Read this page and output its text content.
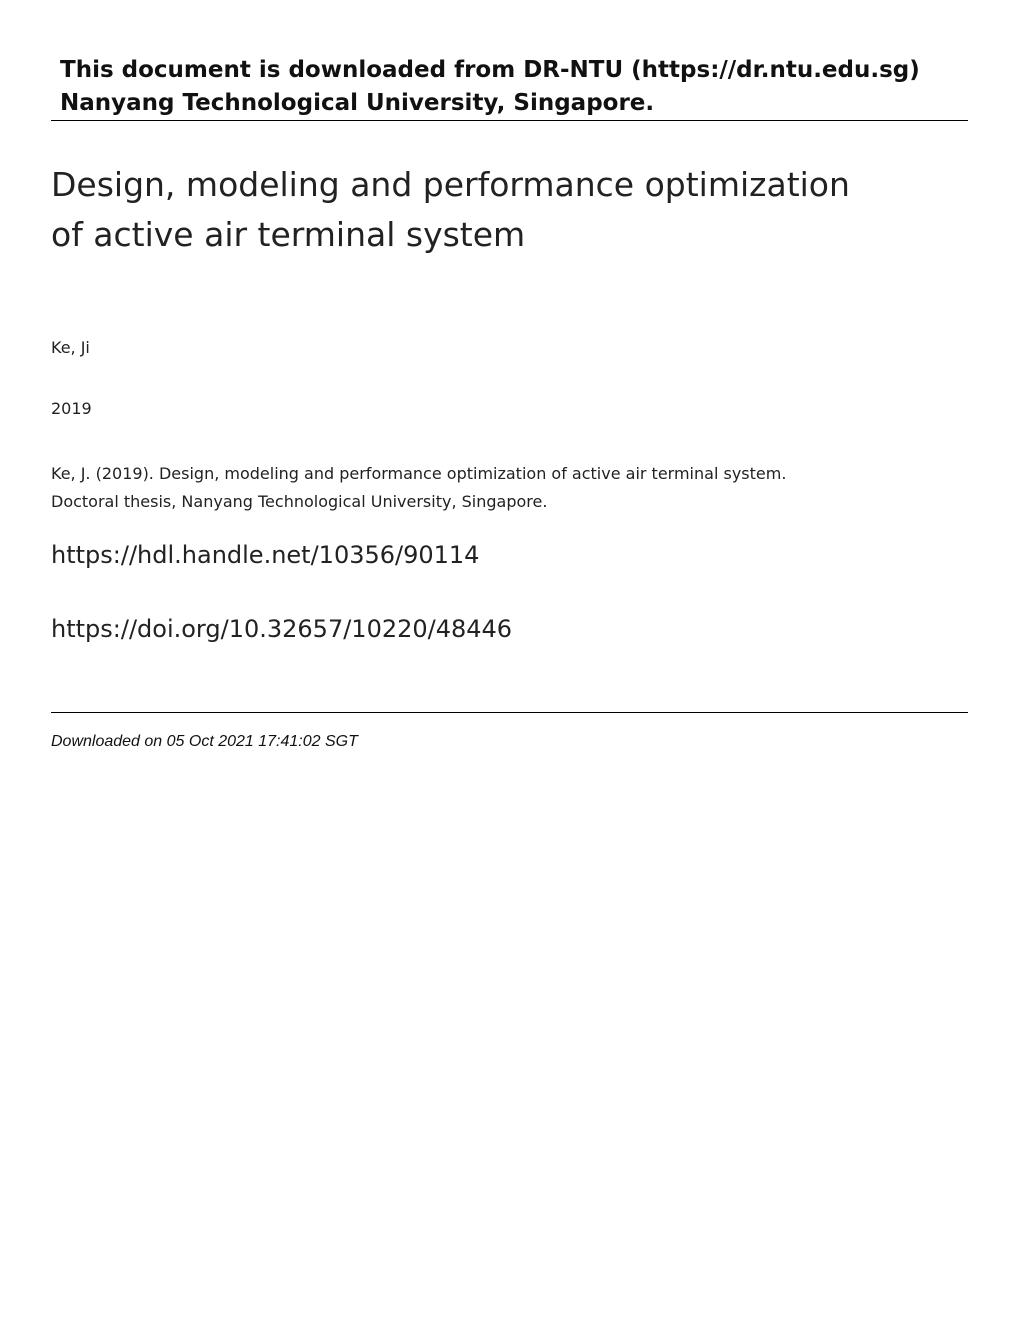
This document is downloaded from DR-NTU (https://dr.ntu.edu.sg)
Nanyang Technological University, Singapore.
Design, modeling and performance optimization
of active air terminal system
Ke, Ji
2019
Ke, J. (2019). Design, modeling and performance optimization of active air terminal system.
Doctoral thesis, Nanyang Technological University, Singapore.
https://hdl.handle.net/10356/90114
https://doi.org/10.32657/10220/48446
Downloaded on 05 Oct 2021 17:41:02 SGT
